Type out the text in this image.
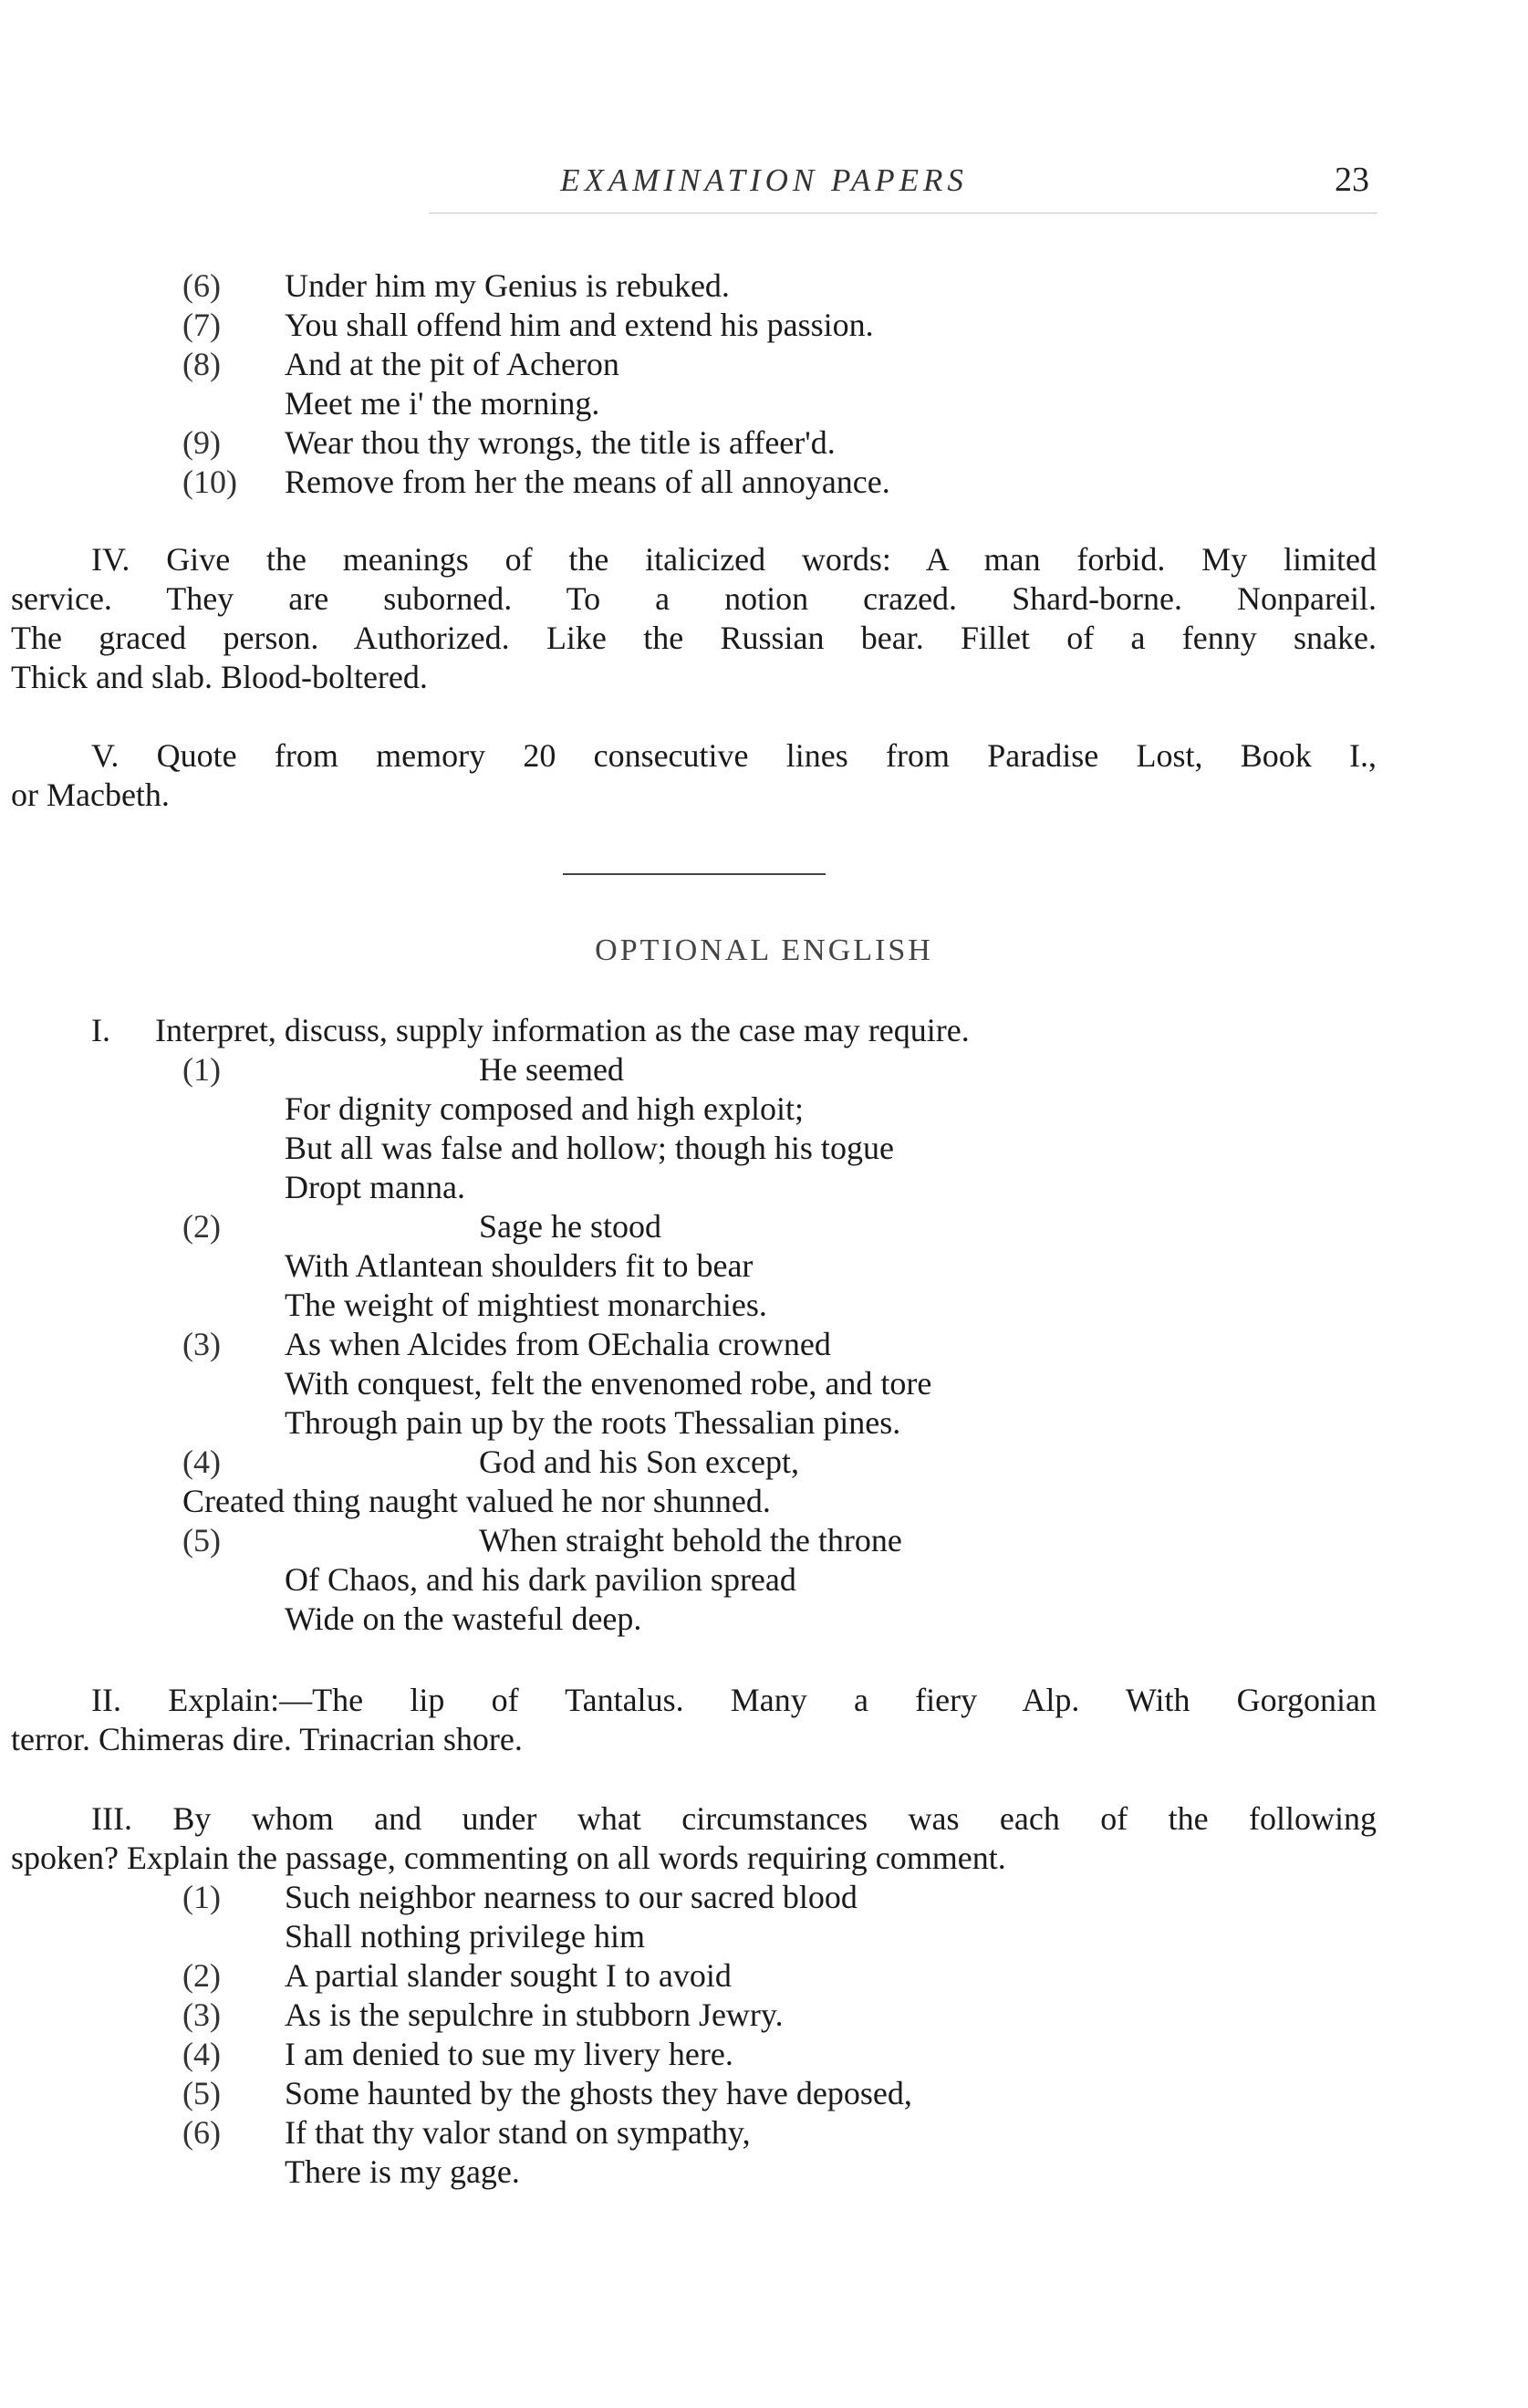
EXAMINATION PAPERS	23
(6)	Under him my Genius is rebuked.
(7)	You shall offend him and extend his passion.
(8)	And at the pit of Acheron
Meet me i' the morning.
(9)	Wear thou thy wrongs, the title is affeer'd.
(10)	Remove from her the means of all annoyance.
IV. Give the meanings of the italicized words: A man forbid. My limited
service. They are suborned. To a notion crazed. Shard-borne. Nonpareil.
The graced person. Authorized. Like the Russian bear. Fillet of a fenny snake.
Thick and slab. Blood-boltered.
V. Quote from memory 20 consecutive lines from Paradise Lost, Book I.,
or Macbeth.
OPTIONAL ENGLISH
I. Interpret, discuss, supply information as the case may require.
(1)	He seemed
For dignity composed and high exploit;
But all was false and hollow; though his togue
Dropt manna.
(2)	Sage he stood
With Atlantean shoulders fit to bear
The weight of mightiest monarchies.
(3)	As when Alcides from OEchalia crowned
With conquest, felt the envenomed robe, and tore
Through pain up by the roots Thessalian pines.
(4)	God and his Son except,
Created thing naught valued he nor shunned.
(5)	When straight behold the throne
Of Chaos, and his dark pavilion spread
Wide on the wasteful deep.
II. Explain:—The lip of Tantalus. Many a fiery Alp. With Gorgonian
terror. Chimeras dire. Trinacrian shore.
III. By whom and under what circumstances was each of the following
spoken? Explain the passage, commenting on all words requiring comment.
(1)	Such neighbor nearness to our sacred blood
Shall nothing privilege him
(2)	A partial slander sought I to avoid
(3)	As is the sepulchre in stubborn Jewry.
(4)	I am denied to sue my livery here.
(5)	Some haunted by the ghosts they have deposed,
(6)	If that thy valor stand on sympathy,
There is my gage.
